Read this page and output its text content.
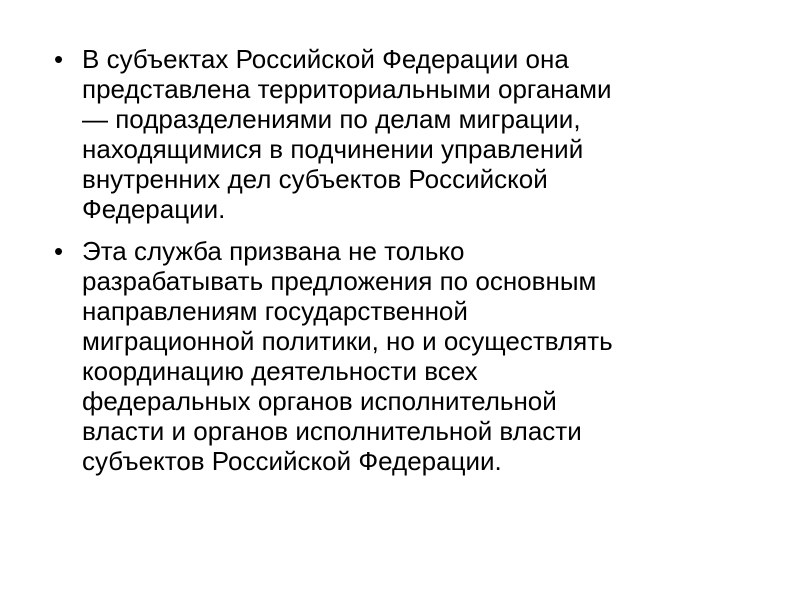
• В субъектах Российской Федерации она
представлена территориальными органами
— подразделениями по делам миграции,
находящимися в подчинении управлений
внутренних дел субъектов Российской
Федерации.
• Эта служба призвана не только
разрабатывать предложения по основным
направлениям государственной
миграционной политики, но и осуществлять
координацию деятельности всех
федеральных органов исполнительной
власти и органов исполнительной власти
субъектов Российской Федерации.
